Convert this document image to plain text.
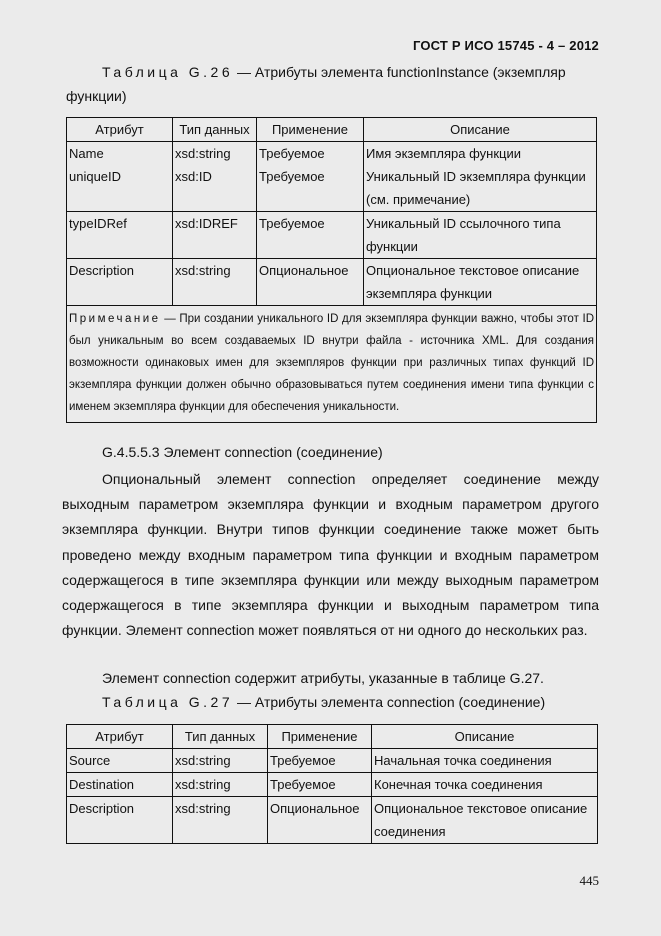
ГОСТ Р ИСО 15745 - 4 – 2012
Таблица G.26 — Атрибуты элемента functionInstance (экземпляр функции)
Атрибут	Тип данных	Применение	Описание
Name	xsd:string	Требуемое	Имя экземпляра функции
uniqueID	xsd:ID	Требуемое	Уникальный ID экземпляра функции (см. примечание)
typeIDRef	xsd:IDREF	Требуемое	Уникальный ID ссылочного типа функции
Description	xsd:string	Опциональное	Опциональное текстовое описание экземпляра функции
Примечание — При создании уникального ID для экземпляра функции важно, чтобы этот ID был уникальным во всем создаваемых ID внутри файла - источника XML. Для создания возможности одинаковых имен для экземпляров функции при различных типах функций ID экземпляра функции должен обычно образовываться путем соединения имени типа функции с именем экземпляра функции для обеспечения уникальности.			
G.4.5.5.3 Элемент connection (соединение)
Опциональный элемент connection определяет соединение между выходным параметром экземпляра функции и входным параметром другого экземпляра функции. Внутри типов функции соединение также может быть проведено между входным параметром типа функции и входным параметром содержащегося в типе экземпляра функции или между выходным параметром содержащегося в типе экземпляра функции и выходным параметром типа функции. Элемент connection может появляться от ни одного до нескольких раз.
Элемент connection содержит атрибуты, указанные в таблице G.27.
Таблица G.27 — Атрибуты элемента connection (соединение)
Атрибут	Тип данных	Применение	Описание
Source	xsd:string	Требуемое	Начальная точка соединения
Destination	xsd:string	Требуемое	Конечная точка соединения
Description	xsd:string	Опциональное	Опциональное текстовое описание соединения
445
